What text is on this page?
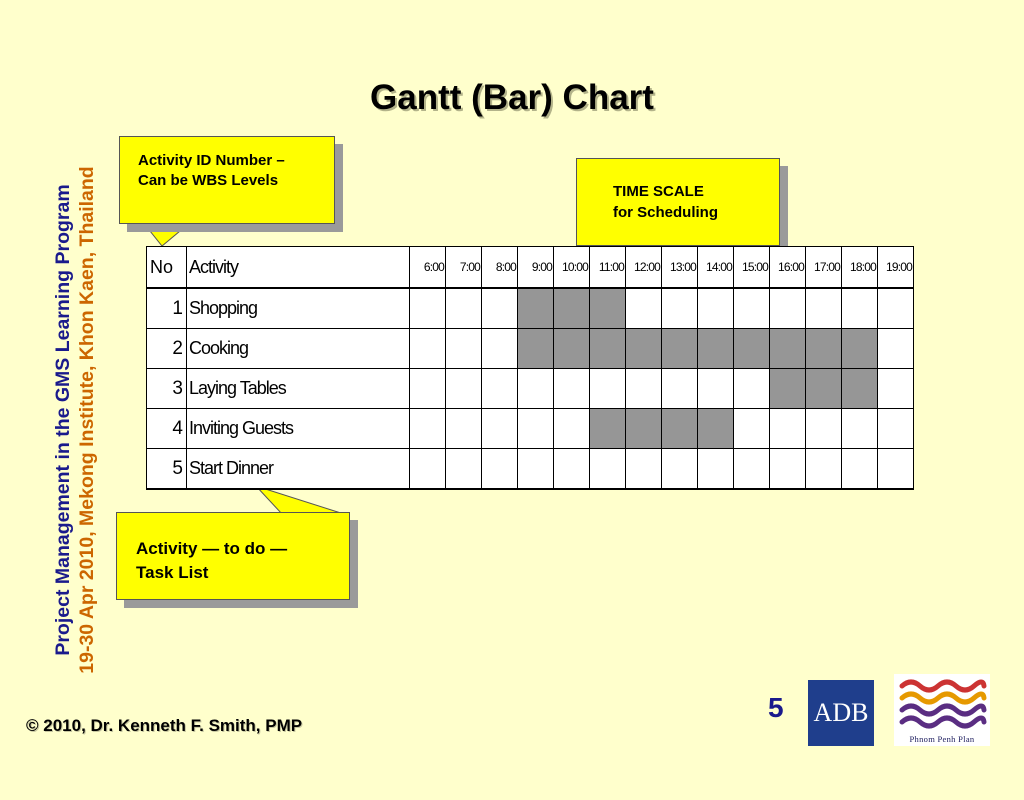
Gantt (Bar) Chart
Project Management in the GMS Learning Program 19-30 Apr 2010, Mekong Institute, Khon Kaen, Thailand
Activity ID Number –
Can be WBS Levels
TIME SCALE
for Scheduling
Activity — to do —
Task List
No	Activity	6:00	7:00	8:00	9:00	10:00	11:00	12:00	13:00	14:00	15:00	16:00	17:00	18:00	19:00
1	Shopping														
2	Cooking														
3	Laying Tables														
4	Inviting Guests														
5	Start Dinner														
5
© 2010, Dr. Kenneth F. Smith, PMP	ADB
Phnom Penh Plan
